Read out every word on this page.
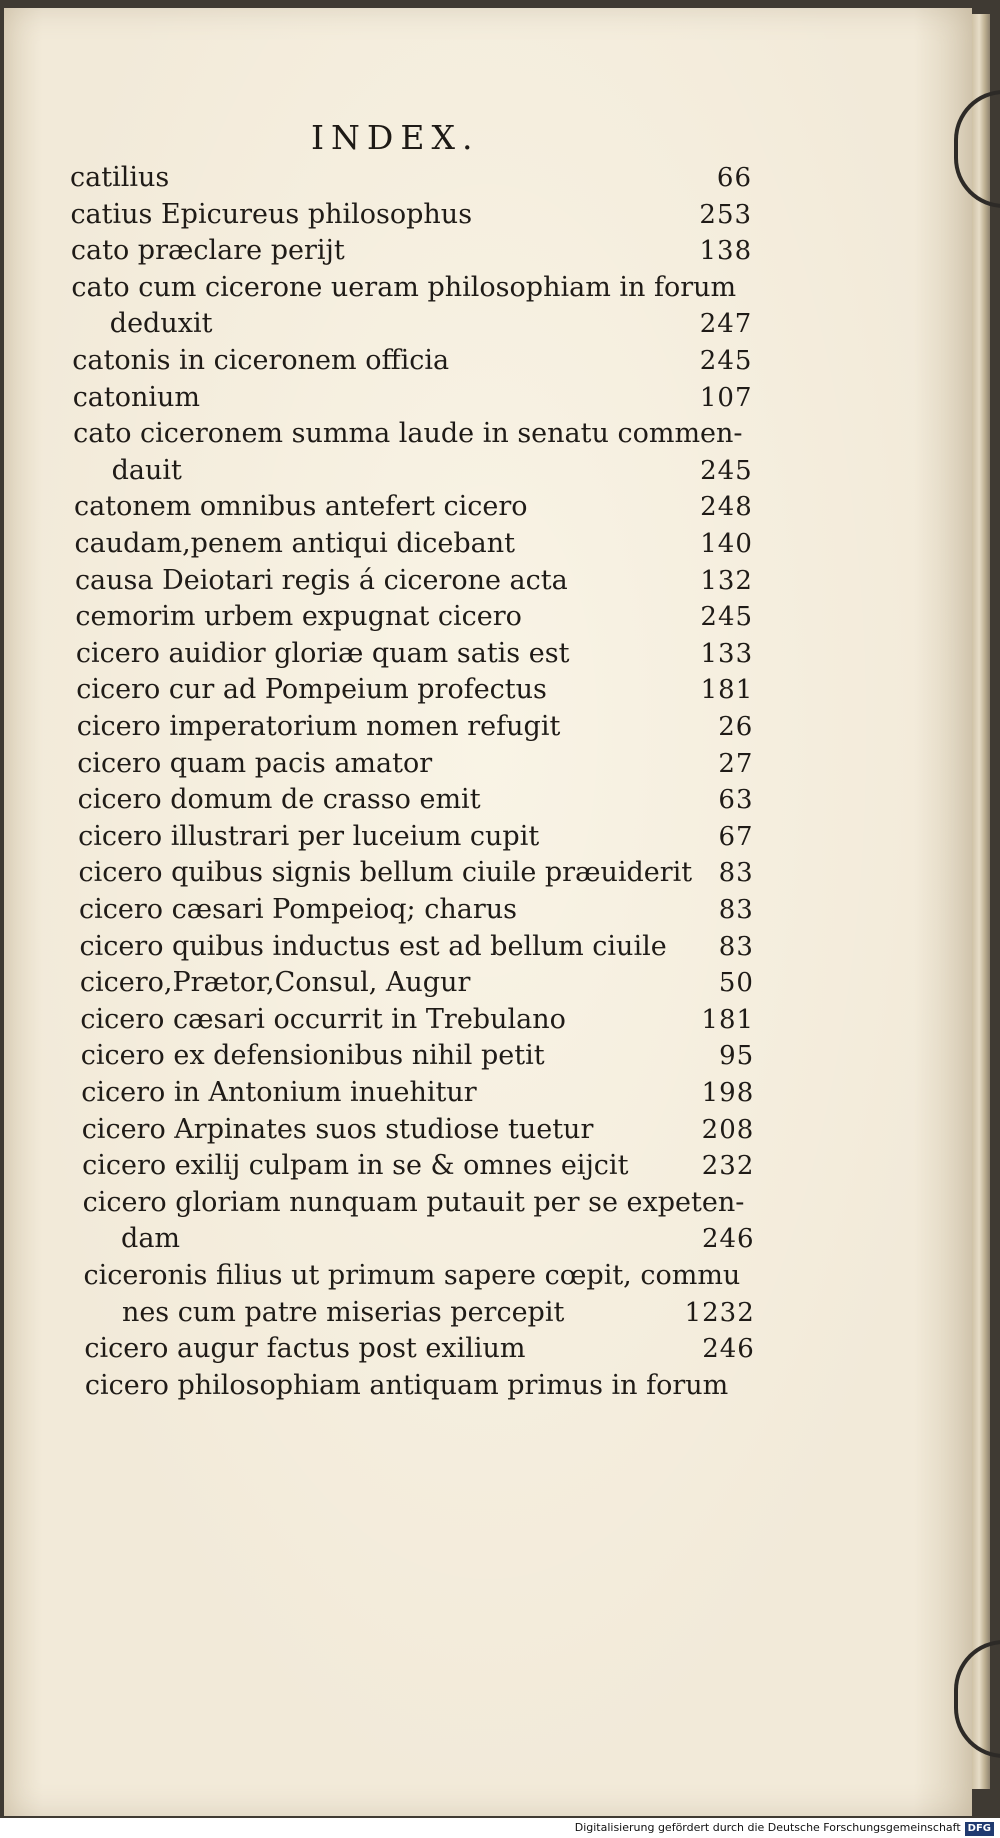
INDEX.
catilius	66
catius Epicureus philosophus	253
cato præclare perijt	138
cato cum cicerone ueram philosophiam in forum
deduxit	247
catonis in ciceronem officia	245
catonium	107
cato ciceronem summa laude in senatu commen-
dauit	245
catonem omnibus antefert cicero	248
caudam,penem antiqui dicebant	140
causa Deiotari regis á cicerone acta	132
cemorim urbem expugnat cicero	245
cicero auidior gloriæ quam satis est	133
cicero cur ad Pompeium profectus	181
cicero imperatorium nomen refugit	26
cicero quam pacis amator	27
cicero domum de crasso emit	63
cicero illustrari per luceium cupit	67
cicero quibus signis bellum ciuile præuiderit 83
cicero cæsari Pompeioq; charus	83
cicero quibus inductus est ad bellum ciuile 83
cicero,Prætor,Consul, Augur	50
cicero cæsari occurrit in Trebulano	181
cicero ex defensionibus nihil petit	95
cicero in Antonium inuehitur	198
cicero Arpinates suos studiose tuetur	208
cicero exilij culpam in se & omnes eijcit	232
cicero gloriam nunquam putauit per se expeten-
dam	246
ciceronis filius ut primum sapere cœpit, commu
nes cum patre miserias percepit	1232
cicero augur factus post exilium	246
cicero philosophiam antiquam primus in forum
Digitalisierung gefördert durch die Deutsche Forschungsgemeinschaft DFG
